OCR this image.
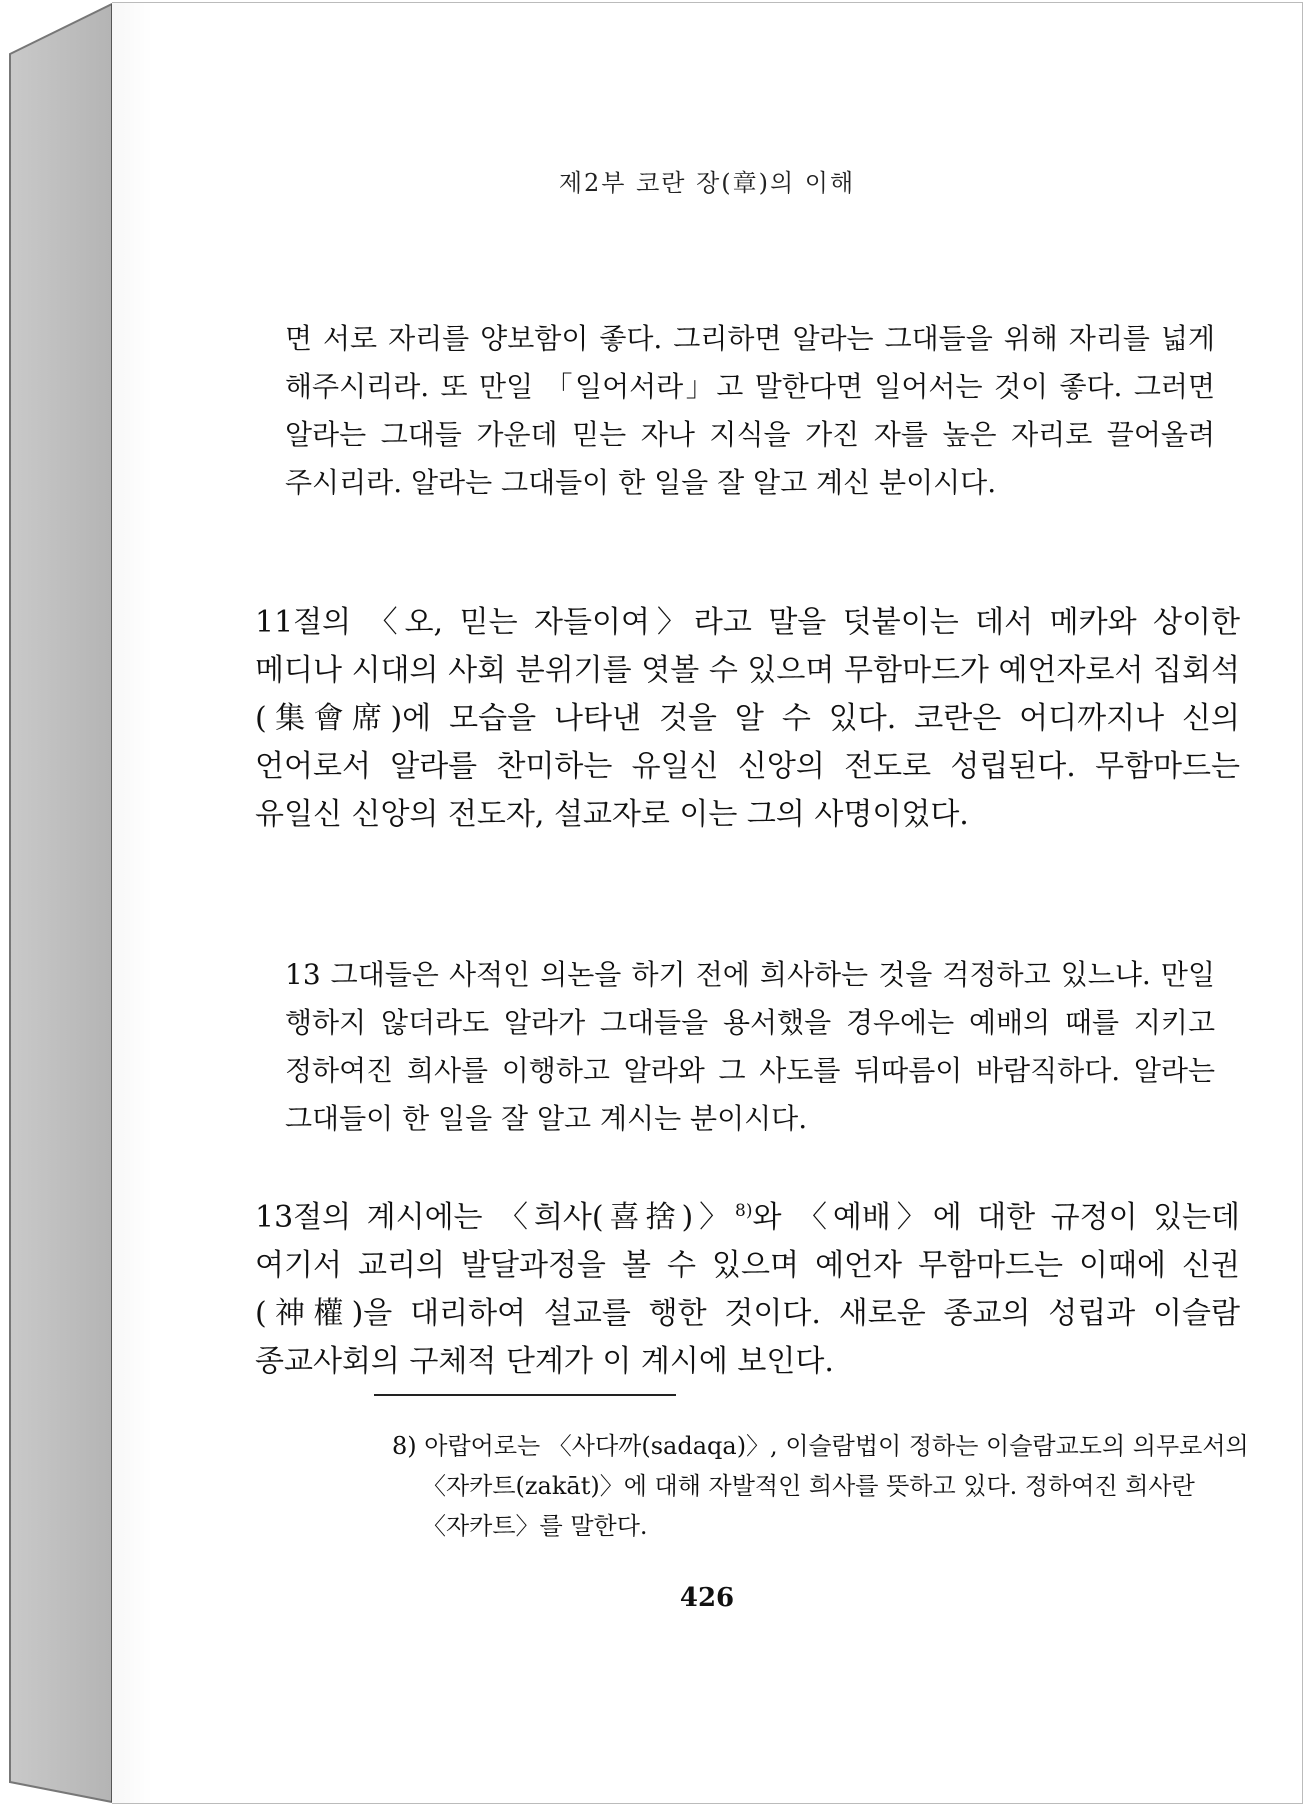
제2부 코란 장(章)의 이해

면 서로 자리를 양보함이 좋다. 그리하면 알라는 그대들을 위해 자리를 넓게 해주시리라. 또 만일 「일어서라」고 말한다면 일어서는 것이 좋다. 그러면 알라는 그대들 가운데 믿는 자나 지식을 가진 자를 높은 자리로 끌어올려 주시리라. 알라는 그대들이 한 일을 잘 알고 계신 분이시다.

11절의 〈오, 믿는 자들이여〉라고 말을 덧붙이는 데서 메카와 상이한 메디나 시대의 사회 분위기를 엿볼 수 있으며 무함마드가 예언자로서 집회석(集會席)에 모습을 나타낸 것을 알 수 있다. 코란은 어디까지나 신의 언어로서 알라를 찬미하는 유일신 신앙의 전도로 성립된다. 무함마드는 유일신 신앙의 전도자, 설교자로 이는 그의 사명이었다.

13 그대들은 사적인 의논을 하기 전에 희사하는 것을 걱정하고 있느냐. 만일 행하지 않더라도 알라가 그대들을 용서했을 경우에는 예배의 때를 지키고 정하여진 희사를 이행하고 알라와 그 사도를 뒤따름이 바람직하다. 알라는 그대들이 한 일을 잘 알고 계시는 분이시다.

13절의 계시에는 〈희사(喜捨)〉$^{8)}$와 〈예배〉에 대한 규정이 있는데 여기서 교리의 발달과정을 볼 수 있으며 예언자 무함마드는 이때에 신권(神權)을 대리하여 설교를 행한 것이다. 새로운 종교의 성립과 이슬람 종교사회의 구체적 단계가 이 계시에 보인다.

8) 아랍어로는 〈사다까(sadaqa)〉, 이슬람법이 정하는 이슬람교도의 의무로서의 〈자카트(zakāt)〉에 대해 자발적인 희사를 뜻하고 있다. 정하여진 희사란 〈자카트〉를 말한다.

426
